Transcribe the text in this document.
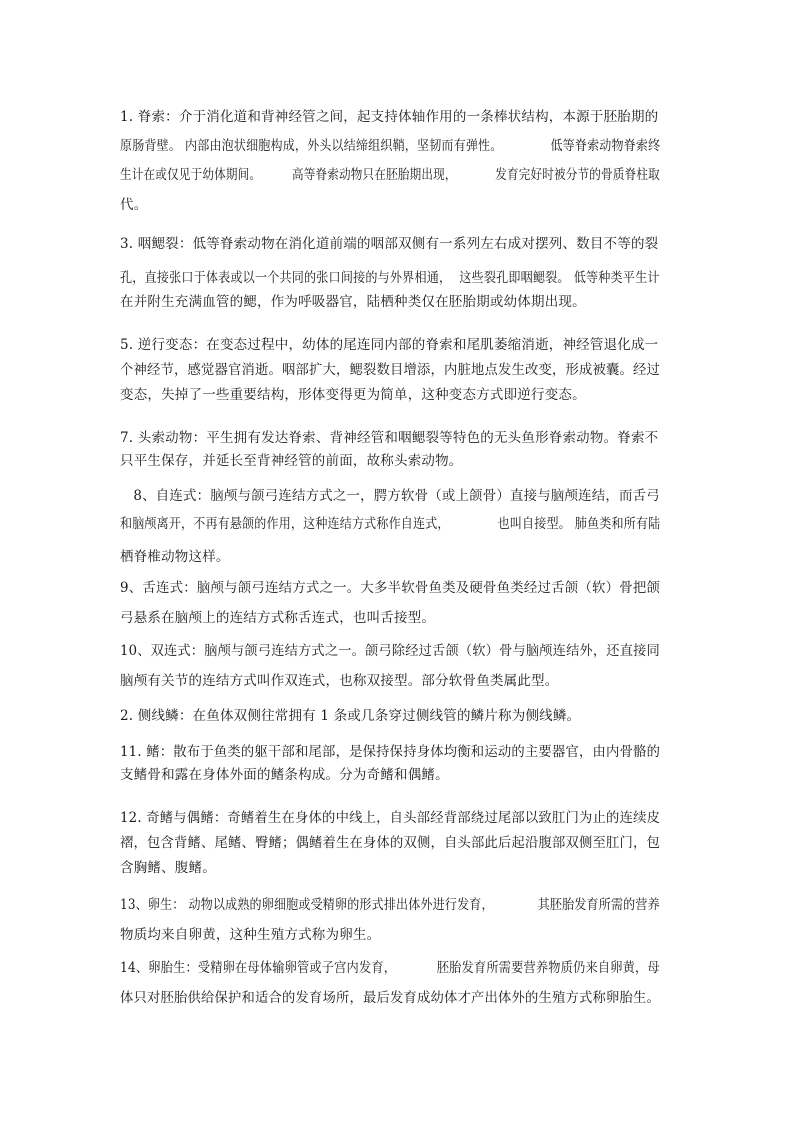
1. 脊索：介于消化道和背神经管之间，起支持体轴作用的一条棒状结构，本源于胚胎期的

原肠背壁。 内部由泡状细胞构成，外头以结缔组织鞘，坚韧而有弹性。            低等脊索动物脊索终

生计在或仅见于幼体期间。        高等脊索动物只在胚胎期出现，          发育完好时被分节的骨质脊柱取

代。

3. 咽鳃裂：低等脊索动物在消化道前端的咽部双侧有一系列左右成对摆列、数目不等的裂

孔，直接张口于体表或以一个共同的张口间接的与外界相通，  这些裂孔即咽鳃裂。 低等种类平生计

在并附生充满血管的鳃，作为呼吸器官，陆栖种类仅在胚胎期或幼体期出现。

5. 逆行变态：在变态过程中，幼体的尾连同内部的脊索和尾肌萎缩消逝，神经管退化成一

个神经节，感觉器官消逝。咽部扩大，鳃裂数目增添，内脏地点发生改变，形成被囊。经过

变态，失掉了一些重要结构，形体变得更为简单，这种变态方式即逆行变态。

7. 头索动物：平生拥有发达脊索、背神经管和咽鳃裂等特色的无头鱼形脊索动物。脊索不

只平生保存，并延长至背神经管的前面，故称头索动物。

8、自连式：脑颅与颌弓连结方式之一，腭方软骨（或上颌骨）直接与脑颅连结，而舌弓

和脑颅离开，不再有悬颌的作用，这种连结方式称作自连式，            也叫自接型。 肺鱼类和所有陆

栖脊椎动物这样。

9、舌连式：脑颅与颌弓连结方式之一。大多半软骨鱼类及硬骨鱼类经过舌颌（软）骨把颌

弓悬系在脑颅上的连结方式称舌连式，也叫舌接型。

10、双连式：脑颅与颌弓连结方式之一。颌弓除经过舌颌（软）骨与脑颅连结外，还直接同

脑颅有关节的连结方式叫作双连式，也称双接型。部分软骨鱼类属此型。

2. 侧线鳞：在鱼体双侧往常拥有 1 条或几条穿过侧线管的鳞片称为侧线鳞。

11. 鳍：散布于鱼类的躯干部和尾部，是保持保持身体均衡和运动的主要器官，由内骨骼的

支鳍骨和露在身体外面的鳍条构成。分为奇鳍和偶鳍。

12. 奇鳍与偶鳍：奇鳍着生在身体的中线上，自头部经背部绕过尾部以致肛门为止的连续皮

褶，包含背鳍、尾鳍、臀鳍；偶鳍着生在身体的双侧，自头部此后起沿腹部双侧至肛门，包

含胸鳍、腹鳍。

13、卵生： 动物以成熟的卵细胞或受精卵的形式排出体外进行发育，           其胚胎发育所需的营养

物质均来自卵黄，这种生殖方式称为卵生。

14、卵胎生：受精卵在母体输卵管或子宫内发育，          胚胎发育所需要营养物质仍来自卵黄，母

体只对胚胎供给保护和适合的发育场所，最后发育成幼体才产出体外的生殖方式称卵胎生。
